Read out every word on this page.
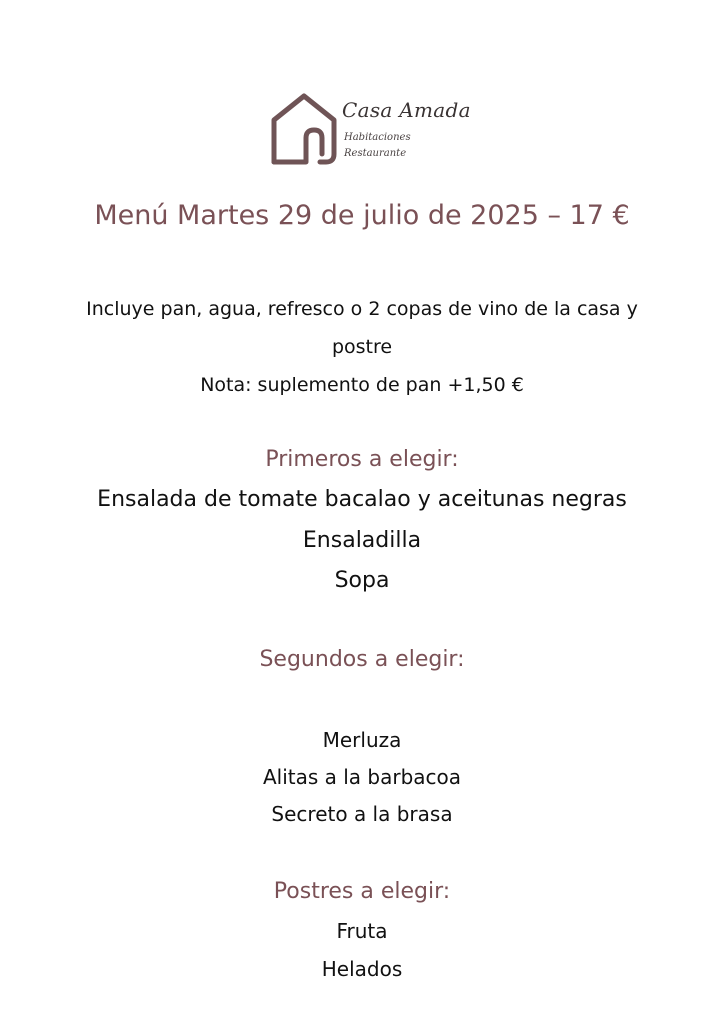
Casa Amada
Habitaciones
Restaurante
Menú Martes 29 de julio de 2025 – 17 €
Incluye pan, agua, refresco o 2 copas de vino de la casa y
postre
Nota: suplemento de pan +1,50 €
Primeros a elegir:
Ensalada de tomate bacalao y aceitunas negras
Ensaladilla
Sopa
Segundos a elegir:
Merluza
Alitas a la barbacoa
Secreto a la brasa
Postres a elegir:
Fruta
Helados
